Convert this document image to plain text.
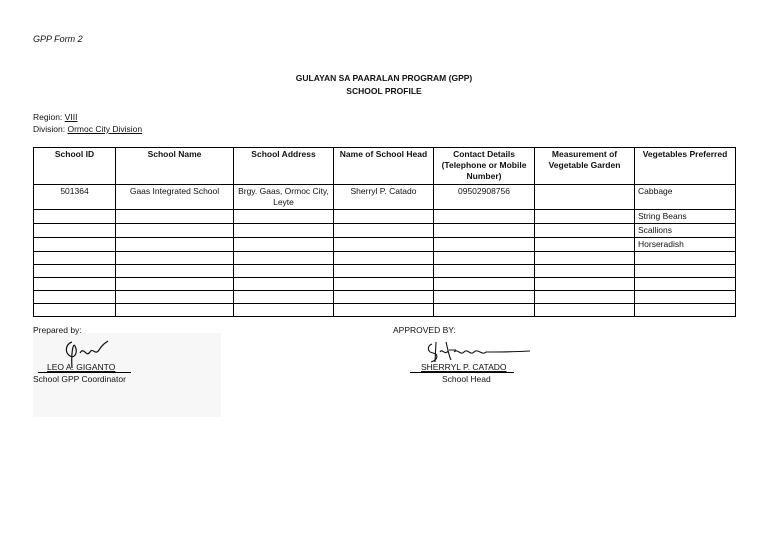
GPP Form 2
GULAYAN SA PAARALAN PROGRAM (GPP)
SCHOOL PROFILE
Region: VIII
Division: Ormoc City Division
School ID	School Name	School Address	Name of School Head	Contact Details (Telephone or Mobile Number)	Measurement of Vegetable Garden	Vegetables Preferred
501364	Gaas Integrated School	Brgy. Gaas, Ormoc City, Leyte	Sherryl P. Catado	09502908756		Cabbage
						String Beans
						Scallions
						Horseradish

Prepared by:
LEO A. GIGANTO
School GPP Coordinator
APPROVED BY:
SHERRYL P. CATADO
School Head
